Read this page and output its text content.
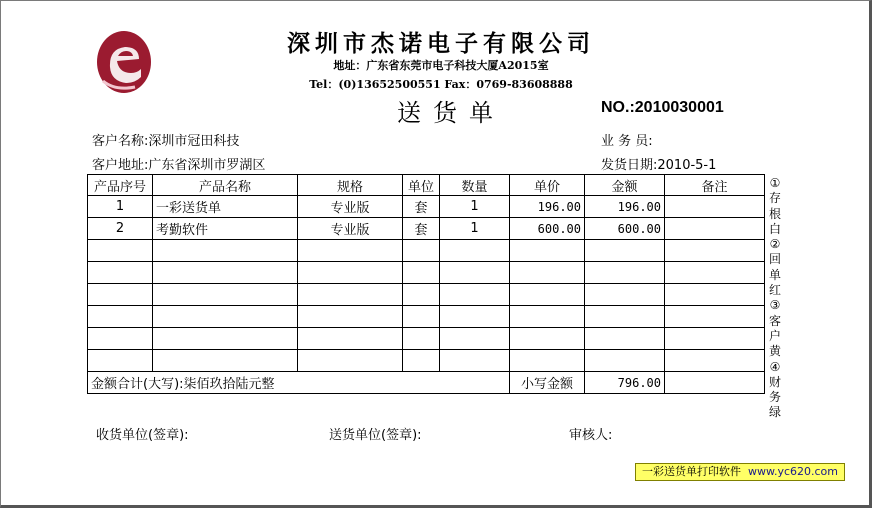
深圳市杰诺电子有限公司
地址：广东省东莞市电子科技大厦A2015室
Tel：(0)13652500551 Fax：0769-83608888
送货单	NO.:2010030001
客户名称:深圳市冠田科技
客户地址:广东省深圳市罗湖区
业 务 员:
发货日期:2010-5-1
产品序号	产品名称	规格	单位	数量	单价	金额	备注
1	一彩送货单	专业版	套	1	196.00	196.00	
2	考勤软件	专业版	套	1	600.00	600.00	

金额合计(大写):柒佰玖拾陆元整					小写金额	796.00	
①
存
根
白
②
回
单
红
③
客
户
黄
④
财
务
绿
收货单位(签章):	送货单位(签章):	审核人:
一彩送货单打印软件 www.yc620.com
